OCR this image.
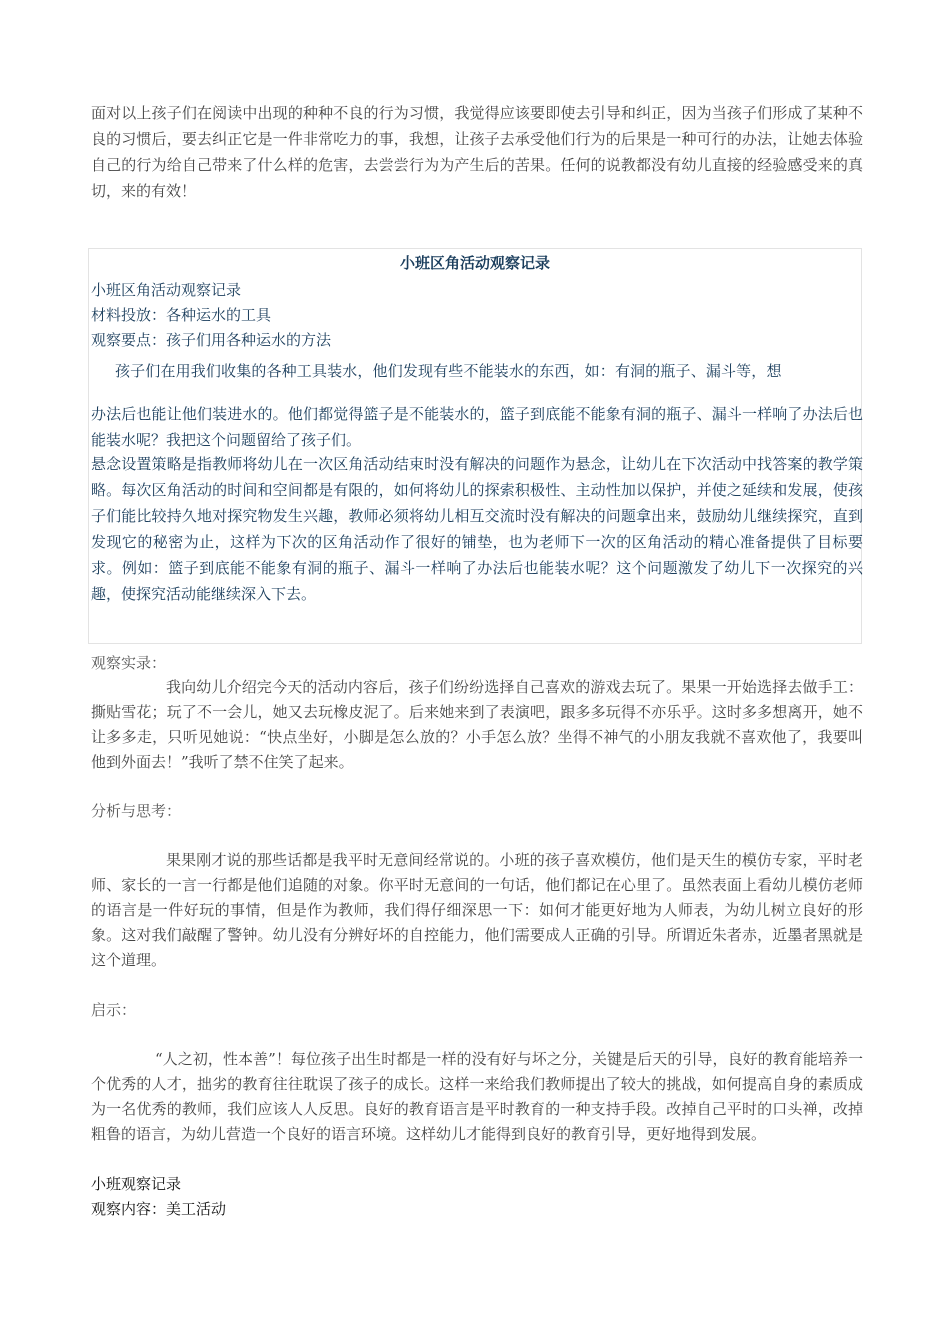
面对以上孩子们在阅读中出现的种种不良的行为习惯，我觉得应该要即使去引导和纠正，因为当孩子们形成了某种不良的习惯后，要去纠正它是一件非常吃力的事，我想，让孩子去承受他们行为的后果是一种可行的办法，让她去体验自己的行为给自己带来了什么样的危害，去尝尝行为为产生后的苦果。任何的说教都没有幼儿直接的经验感受来的真切，来的有效！
小班区角活动观察记录
小班区角活动观察记录
材料投放：各种运水的工具
观察要点：孩子们用各种运水的方法
孩子们在用我们收集的各种工具装水，他们发现有些不能装水的东西，如：有洞的瓶子、漏斗等，想
办法后也能让他们装进水的。他们都觉得篮子是不能装水的，篮子到底能不能象有洞的瓶子、漏斗一样响了办法后也能装水呢？我把这个问题留给了孩子们。
悬念设置策略是指教师将幼儿在一次区角活动结束时没有解决的问题作为悬念，让幼儿在下次活动中找答案的教学策略。每次区角活动的时间和空间都是有限的，如何将幼儿的探索积极性、主动性加以保护，并使之延续和发展，使孩子们能比较持久地对探究物发生兴趣，教师必须将幼儿相互交流时没有解决的问题拿出来，鼓励幼儿继续探究，直到发现它的秘密为止，这样为下次的区角活动作了很好的铺垫，也为老师下一次的区角活动的精心准备提供了目标要求。例如：篮子到底能不能象有洞的瓶子、漏斗一样响了办法后也能装水呢？这个问题激发了幼儿下一次探究的兴趣，使探究活动能继续深入下去。
观察实录：
我向幼儿介绍完今天的活动内容后，孩子们纷纷选择自己喜欢的游戏去玩了。果果一开始选择去做手工：撕贴雪花；玩了不一会儿，她又去玩橡皮泥了。后来她来到了表演吧，跟多多玩得不亦乐乎。这时多多想离开，她不让多多走，只听见她说：“快点坐好，小脚是怎么放的？小手怎么放？坐得不神气的小朋友我就不喜欢他了，我要叫他到外面去！”我听了禁不住笑了起来。
分析与思考：
果果刚才说的那些话都是我平时无意间经常说的。小班的孩子喜欢模仿，他们是天生的模仿专家，平时老师、家长的一言一行都是他们追随的对象。你平时无意间的一句话，他们都记在心里了。虽然表面上看幼儿模仿老师的语言是一件好玩的事情，但是作为教师，我们得仔细深思一下：如何才能更好地为人师表，为幼儿树立良好的形象。这对我们敲醒了警钟。幼儿没有分辨好坏的自控能力，他们需要成人正确的引导。所谓近朱者赤，近墨者黑就是这个道理。
启示：
“人之初，性本善”！每位孩子出生时都是一样的没有好与坏之分，关键是后天的引导，良好的教育能培养一个优秀的人才，拙劣的教育往往耽误了孩子的成长。这样一来给我们教师提出了较大的挑战，如何提高自身的素质成为一名优秀的教师，我们应该人人反思。良好的教育语言是平时教育的一种支持手段。改掉自己平时的口头禅，改掉粗鲁的语言，为幼儿营造一个良好的语言环境。这样幼儿才能得到良好的教育引导，更好地得到发展。
小班观察记录
观察内容：美工活动
